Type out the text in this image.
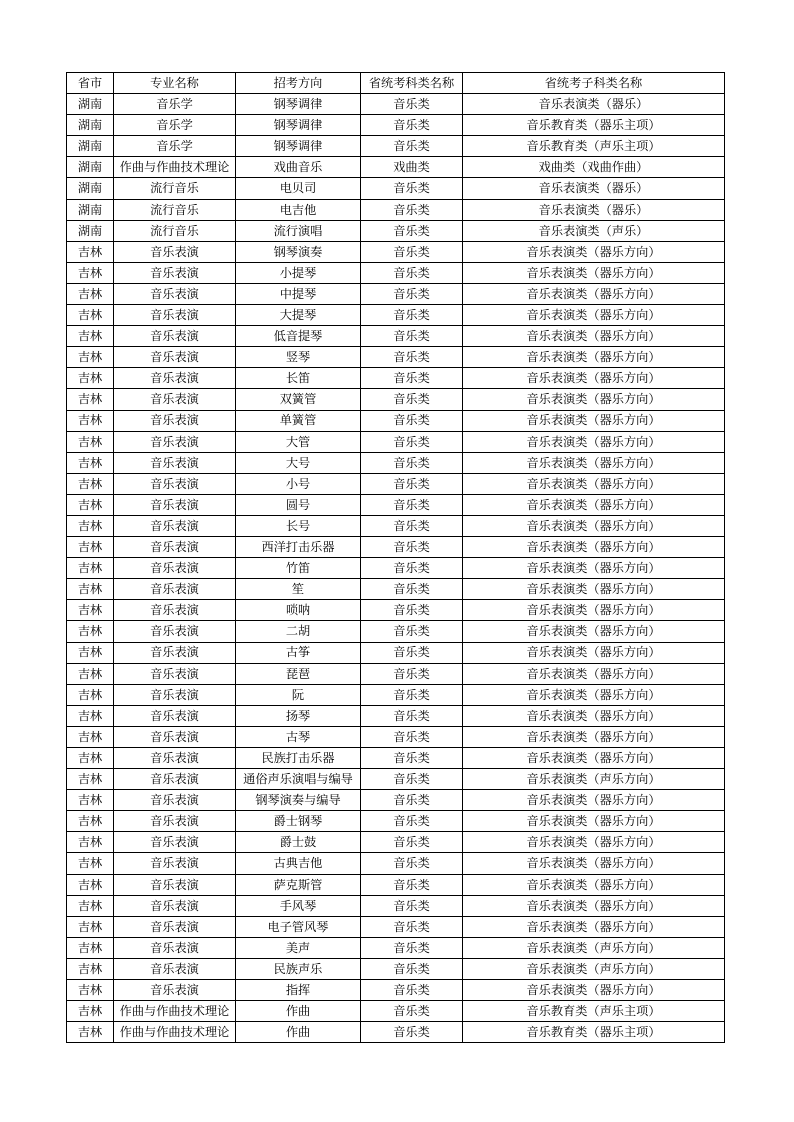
省市	专业名称	招考方向	省统考科类名称	省统考子科类名称
湖南	音乐学	钢琴调律	音乐类	音乐表演类（器乐）
湖南	音乐学	钢琴调律	音乐类	音乐教育类（器乐主项）
湖南	音乐学	钢琴调律	音乐类	音乐教育类（声乐主项）
湖南	作曲与作曲技术理论	戏曲音乐	戏曲类	戏曲类（戏曲作曲）
湖南	流行音乐	电贝司	音乐类	音乐表演类（器乐）
湖南	流行音乐	电吉他	音乐类	音乐表演类（器乐）
湖南	流行音乐	流行演唱	音乐类	音乐表演类（声乐）
吉林	音乐表演	钢琴演奏	音乐类	音乐表演类（器乐方向）
吉林	音乐表演	小提琴	音乐类	音乐表演类（器乐方向）
吉林	音乐表演	中提琴	音乐类	音乐表演类（器乐方向）
吉林	音乐表演	大提琴	音乐类	音乐表演类（器乐方向）
吉林	音乐表演	低音提琴	音乐类	音乐表演类（器乐方向）
吉林	音乐表演	竖琴	音乐类	音乐表演类（器乐方向）
吉林	音乐表演	长笛	音乐类	音乐表演类（器乐方向）
吉林	音乐表演	双簧管	音乐类	音乐表演类（器乐方向）
吉林	音乐表演	单簧管	音乐类	音乐表演类（器乐方向）
吉林	音乐表演	大管	音乐类	音乐表演类（器乐方向）
吉林	音乐表演	大号	音乐类	音乐表演类（器乐方向）
吉林	音乐表演	小号	音乐类	音乐表演类（器乐方向）
吉林	音乐表演	圆号	音乐类	音乐表演类（器乐方向）
吉林	音乐表演	长号	音乐类	音乐表演类（器乐方向）
吉林	音乐表演	西洋打击乐器	音乐类	音乐表演类（器乐方向）
吉林	音乐表演	竹笛	音乐类	音乐表演类（器乐方向）
吉林	音乐表演	笙	音乐类	音乐表演类（器乐方向）
吉林	音乐表演	唢呐	音乐类	音乐表演类（器乐方向）
吉林	音乐表演	二胡	音乐类	音乐表演类（器乐方向）
吉林	音乐表演	古筝	音乐类	音乐表演类（器乐方向）
吉林	音乐表演	琵琶	音乐类	音乐表演类（器乐方向）
吉林	音乐表演	阮	音乐类	音乐表演类（器乐方向）
吉林	音乐表演	扬琴	音乐类	音乐表演类（器乐方向）
吉林	音乐表演	古琴	音乐类	音乐表演类（器乐方向）
吉林	音乐表演	民族打击乐器	音乐类	音乐表演类（器乐方向）
吉林	音乐表演	通俗声乐演唱与编导	音乐类	音乐表演类（声乐方向）
吉林	音乐表演	钢琴演奏与编导	音乐类	音乐表演类（器乐方向）
吉林	音乐表演	爵士钢琴	音乐类	音乐表演类（器乐方向）
吉林	音乐表演	爵士鼓	音乐类	音乐表演类（器乐方向）
吉林	音乐表演	古典吉他	音乐类	音乐表演类（器乐方向）
吉林	音乐表演	萨克斯管	音乐类	音乐表演类（器乐方向）
吉林	音乐表演	手风琴	音乐类	音乐表演类（器乐方向）
吉林	音乐表演	电子管风琴	音乐类	音乐表演类（器乐方向）
吉林	音乐表演	美声	音乐类	音乐表演类（声乐方向）
吉林	音乐表演	民族声乐	音乐类	音乐表演类（声乐方向）
吉林	音乐表演	指挥	音乐类	音乐表演类（器乐方向）
吉林	作曲与作曲技术理论	作曲	音乐类	音乐教育类（声乐主项）
吉林	作曲与作曲技术理论	作曲	音乐类	音乐教育类（器乐主项）
